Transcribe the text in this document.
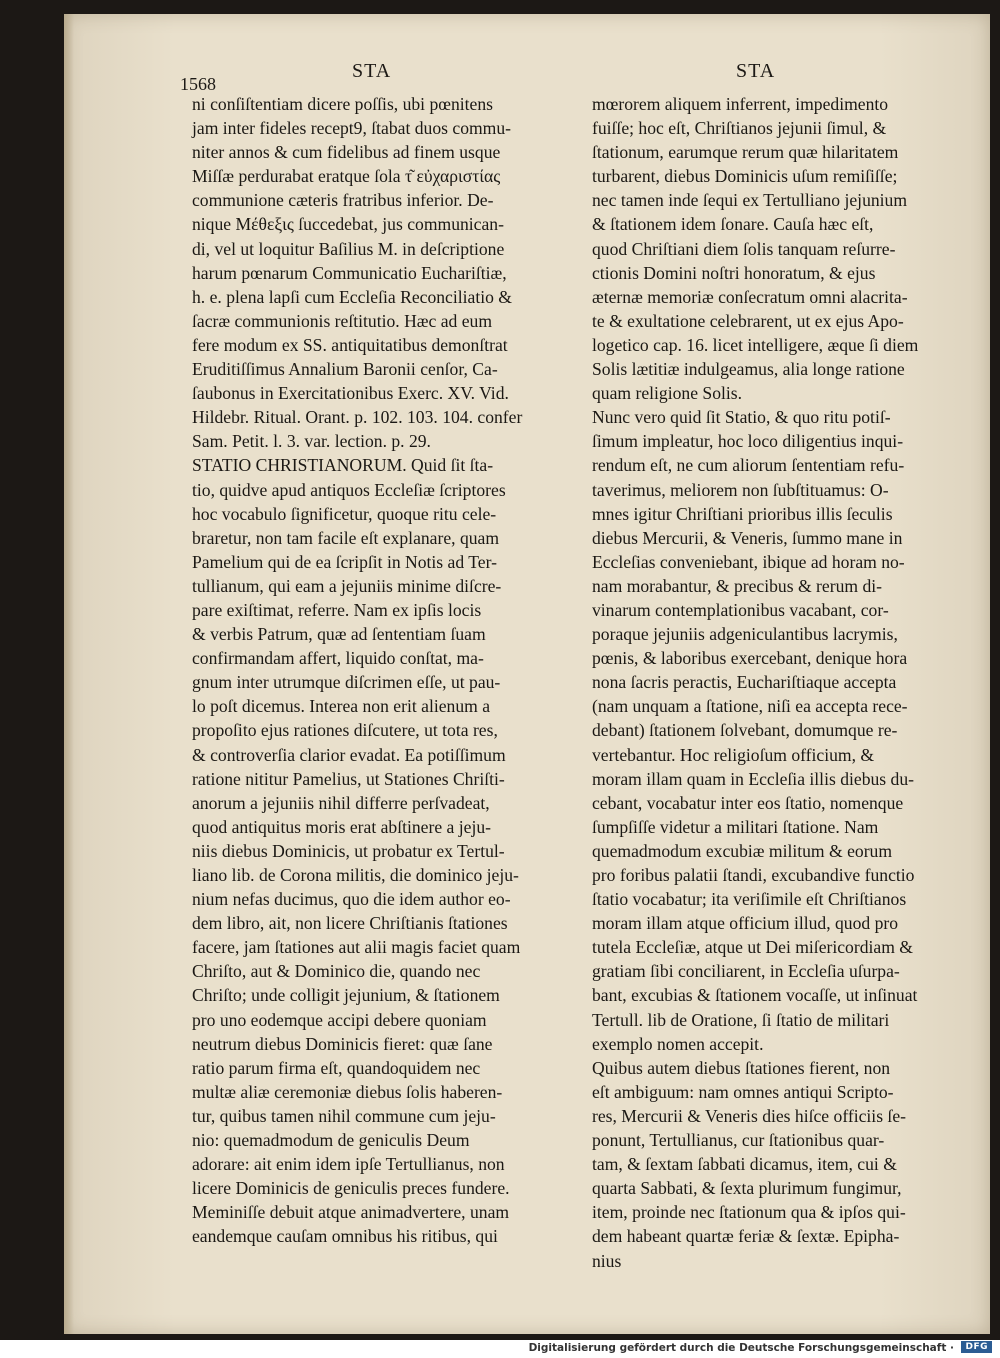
1568
STA	STA
ni conſiſtentiam dicere poſſis, ubi pœnitens
jam inter fideles recept9, ſtabat duos commu-
niter annos & cum fidelibus ad finem usque
Miſſæ perdurabat eratque ſola τ͂ εὐχαριστίας
communione cæteris fratribus inferior. De-
nique Μέθεξις ſuccedebat, jus communican-
di, vel ut loquitur Baſilius M. in deſcriptione
harum pœnarum Communicatio Euchariſtiæ,
h. e. plena lapſi cum Eccleſia Reconciliatio &
ſacræ communionis reſtitutio. Hæc ad eum
fere modum ex SS. antiquitatibus demonſtrat
Eruditiſſimus Annalium Baronii cenſor, Ca-
ſaubonus in Exercitationibus Exerc. XV. Vid.
Hildebr. Ritual. Orant. p. 102. 103. 104. confer
Sam. Petit. l. 3. var. lection. p. 29.
STATIO CHRISTIANORUM. Quid ſit ſta-
tio, quidve apud antiquos Eccleſiæ ſcriptores
hoc vocabulo ſignificetur, quoque ritu cele-
braretur, non tam facile eſt explanare, quam
Pamelium qui de ea ſcripſit in Notis ad Ter-
tullianum, qui eam a jejuniis minime diſcre-
pare exiſtimat, referre. Nam ex ipſis locis
& verbis Patrum, quæ ad ſententiam ſuam
confirmandam affert, liquido conſtat, ma-
gnum inter utrumque diſcrimen eſſe, ut pau-
lo poſt dicemus. Interea non erit alienum a
propoſito ejus rationes diſcutere, ut tota res,
& controverſia clarior evadat. Ea potiſſimum
ratione nititur Pamelius, ut Stationes Chriſti-
anorum a jejuniis nihil differre perſvadeat,
quod antiquitus moris erat abſtinere a jeju-
niis diebus Dominicis, ut probatur ex Tertul-
liano lib. de Corona militis, die dominico jeju-
nium nefas ducimus, quo die idem author eo-
dem libro, ait, non licere Chriſtianis ſtationes
facere, jam ſtationes aut alii magis faciet quam
Chriſto, aut & Dominico die, quando nec
Chriſto; unde colligit jejunium, & ſtationem
pro uno eodemque accipi debere quoniam
neutrum diebus Dominicis fieret: quæ ſane
ratio parum firma eſt, quandoquidem nec
multæ aliæ ceremoniæ diebus ſolis haberen-
tur, quibus tamen nihil commune cum jeju-
nio: quemadmodum de geniculis Deum
adorare: ait enim idem ipſe Tertullianus, non
licere Dominicis de geniculis preces fundere.
Meminiſſe debuit atque animadvertere, unam
eandemque cauſam omnibus his ritibus, qui
mœrorem aliquem inferrent, impedimento
fuiſſe; hoc eſt, Chriſtianos jejunii ſimul, &
ſtationum, earumque rerum quæ hilaritatem
turbarent, diebus Dominicis uſum remiſiſſe;
nec tamen inde ſequi ex Tertulliano jejunium
& ſtationem idem ſonare. Cauſa hæc eſt,
quod Chriſtiani diem ſolis tanquam reſurre-
ctionis Domini noſtri honoratum, & ejus
æternæ memoriæ conſecratum omni alacrita-
te & exultatione celebrarent, ut ex ejus Apo-
logetico cap. 16. licet intelligere, æque ſi diem
Solis lætitiæ indulgeamus, alia longe ratione
quam religione Solis.
Nunc vero quid ſit Statio, & quo ritu potiſ-
ſimum impleatur, hoc loco diligentius inqui-
rendum eſt, ne cum aliorum ſententiam refu-
taverimus, meliorem non ſubſtituamus: O-
mnes igitur Chriſtiani prioribus illis ſeculis
diebus Mercurii, & Veneris, ſummo mane in
Eccleſias conveniebant, ibique ad horam no-
nam morabantur, & precibus & rerum di-
vinarum contemplationibus vacabant, cor-
poraque jejuniis adgeniculantibus lacrymis,
pœnis, & laboribus exercebant, denique hora
nona ſacris peractis, Euchariſtiaque accepta
(nam unquam a ſtatione, niſi ea accepta rece-
debant) ſtationem ſolvebant, domumque re-
vertebantur. Hoc religioſum officium, &
moram illam quam in Eccleſia illis diebus du-
cebant, vocabatur inter eos ſtatio, nomenque
ſumpſiſſe videtur a militari ſtatione. Nam
quemadmodum excubiæ militum & eorum
pro foribus palatii ſtandi, excubandive functio
ſtatio vocabatur; ita veriſimile eſt Chriſtianos
moram illam atque officium illud, quod pro
tutela Eccleſiæ, atque ut Dei miſericordiam &
gratiam ſibi conciliarent, in Eccleſia uſurpa-
bant, excubias & ſtationem vocaſſe, ut inſinuat
Tertull. lib de Oratione, ſi ſtatio de militari
exemplo nomen accepit.
Quibus autem diebus ſtationes fierent, non
eſt ambiguum: nam omnes antiqui Scripto-
res, Mercurii & Veneris dies hiſce officiis ſe-
ponunt, Tertullianus, cur ſtationibus quar-
tam, & ſextam ſabbati dicamus, item, cui &
quarta Sabbati, & ſexta plurimum fungimur,
item, proinde nec ſtationum qua & ipſos qui-
dem habeant quartæ feriæ & ſextæ. Epipha-
nius
Digitalisierung gefördert durch die Deutsche Forschungsgemeinschaft ·	DFG
